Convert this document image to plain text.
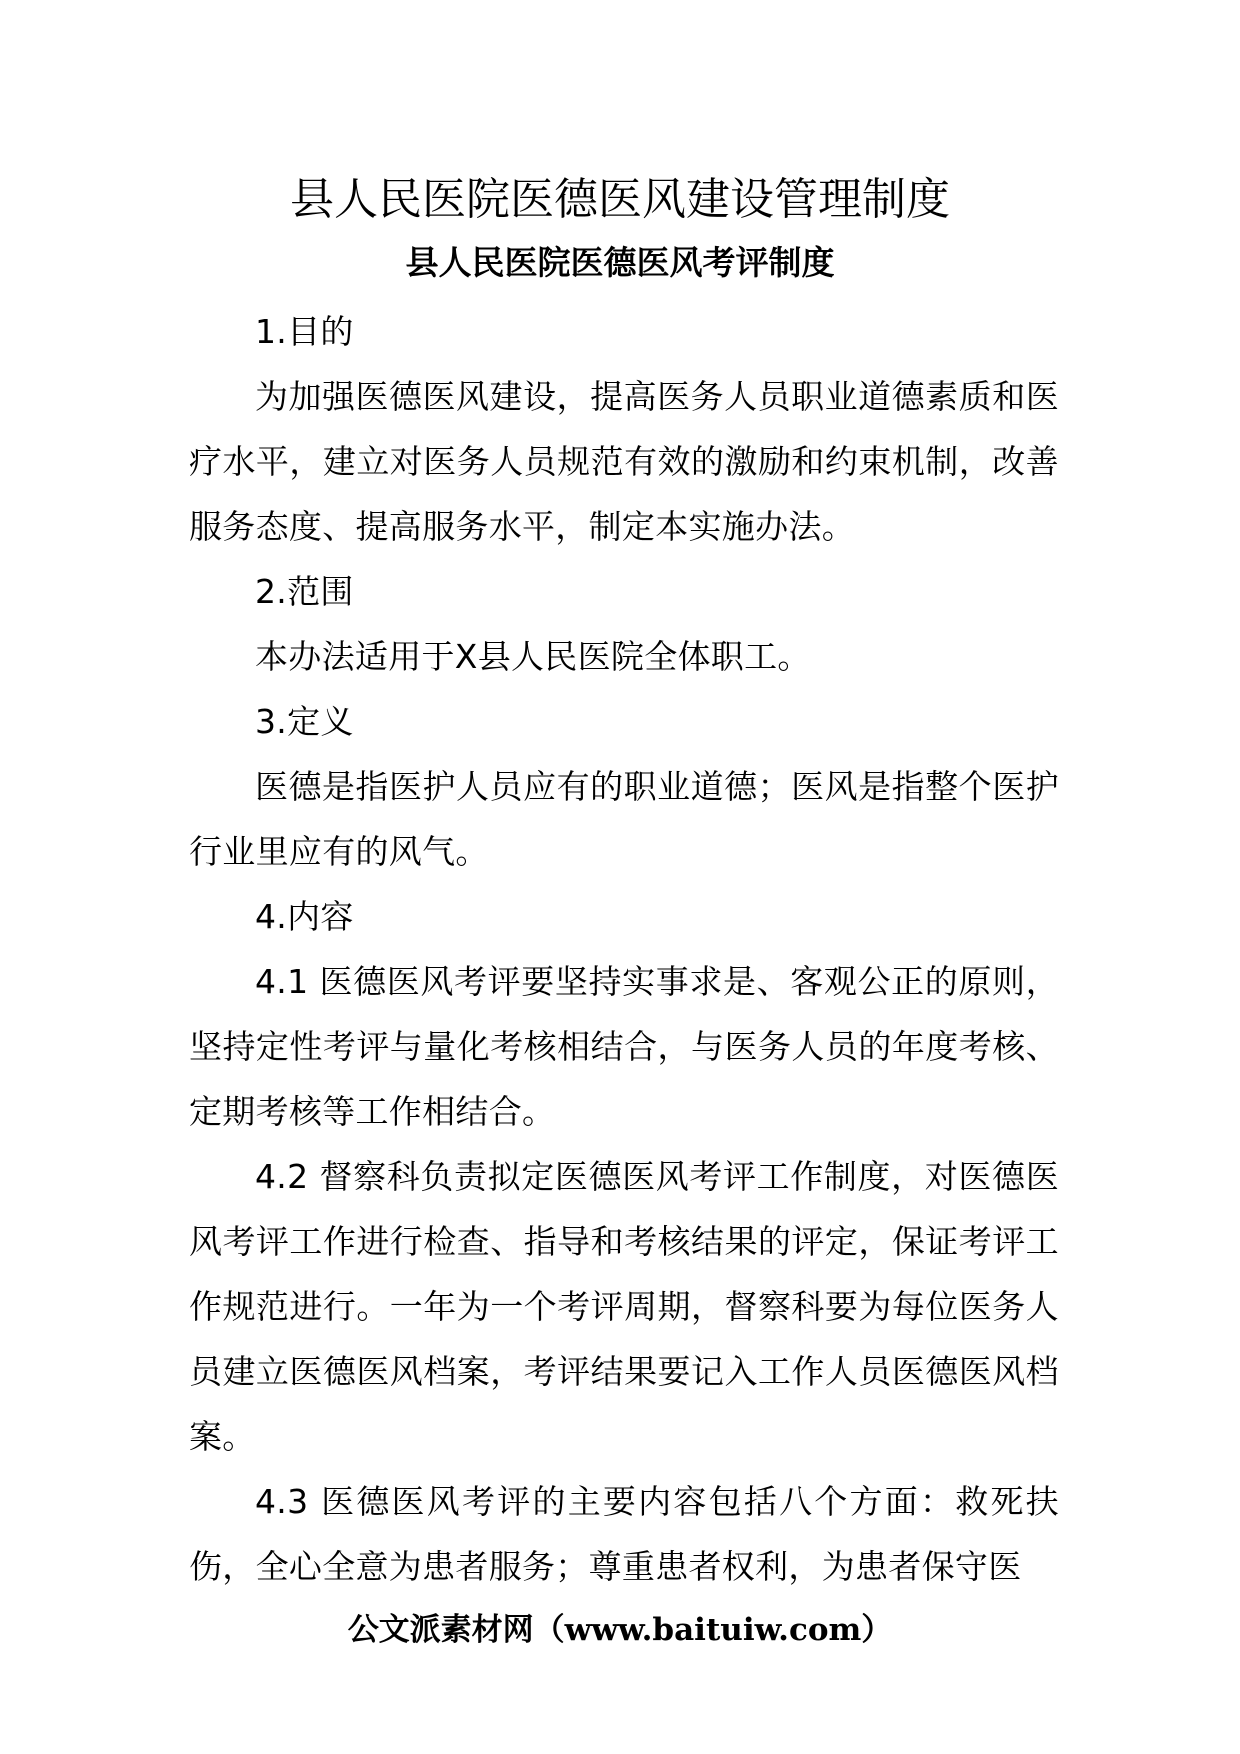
县人民医院医德医风建设管理制度
县人民医院医德医风考评制度

1.目的

为加强医德医风建设，提高医务人员职业道德素质和医疗水平，建立对医务人员规范有效的激励和约束机制，改善服务态度、提高服务水平，制定本实施办法。

2.范围

本办法适用于X县人民医院全体职工。

3.定义

医德是指医护人员应有的职业道德；医风是指整个医护行业里应有的风气。

4.内容

4.1 医德医风考评要坚持实事求是、客观公正的原则，坚持定性考评与量化考核相结合，与医务人员的年度考核、定期考核等工作相结合。

4.2 督察科负责拟定医德医风考评工作制度，对医德医风考评工作进行检查、指导和考核结果的评定，保证考评工作规范进行。一年为一个考评周期，督察科要为每位医务人员建立医德医风档案，考评结果要记入工作人员医德医风档案。

4.3 医德医风考评的主要内容包括八个方面：救死扶伤，全心全意为患者服务；尊重患者权利，为患者保守医

公文派素材网（www.baituiw.com）
